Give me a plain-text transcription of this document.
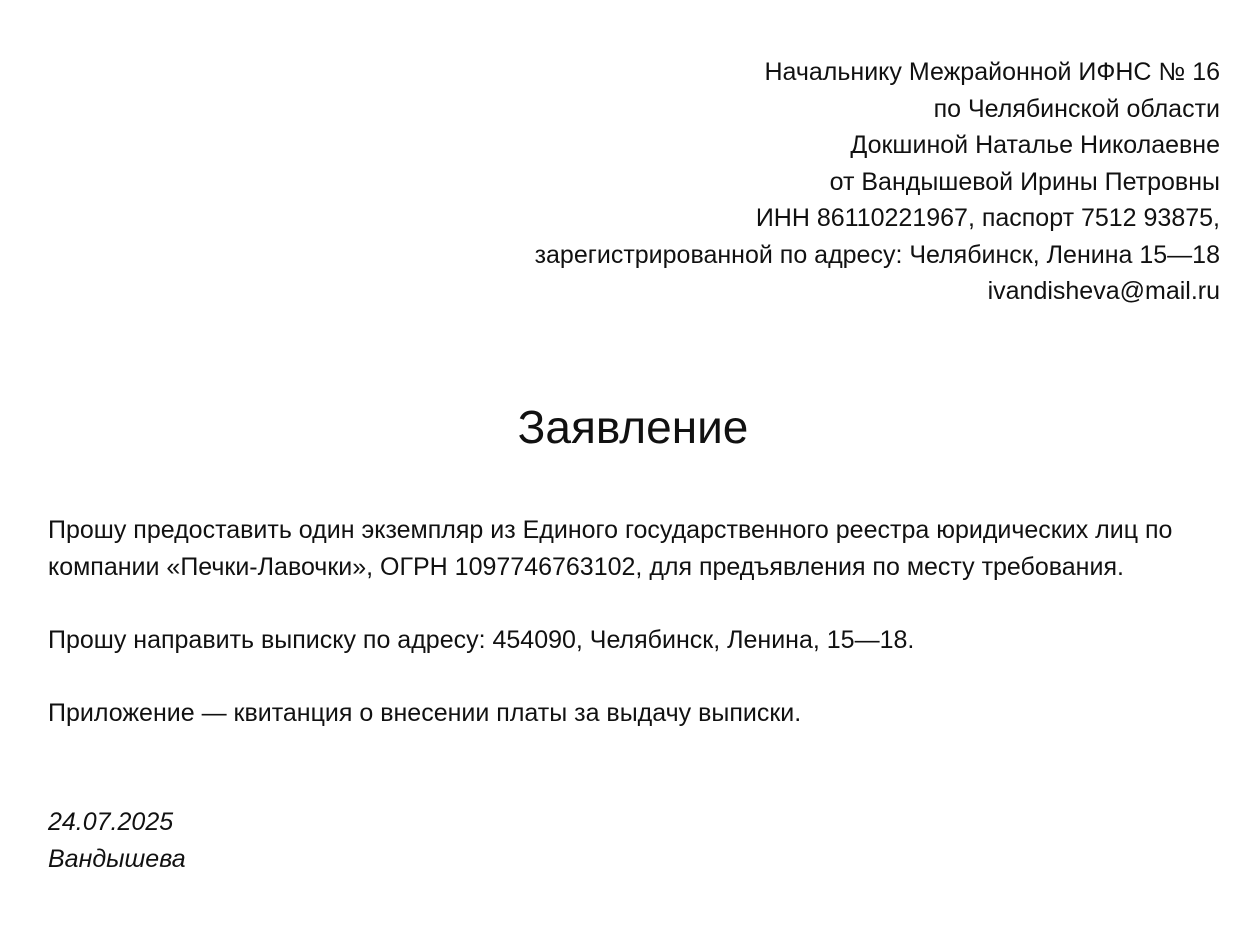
Начальнику Межрайонной ИФНС № 16
по Челябинской области
Докшиной Наталье Николаевне
от Вандышевой Ирины Петровны
ИНН 86110221967, паспорт 7512 93875,
зарегистрированной по адресу: Челябинск, Ленина 15—18
ivandisheva@mail.ru
Заявление

Прошу предоставить один экземпляр из Единого государственного реестра юридических лиц по компании «Печки-Лавочки», ОГРН 1097746763102, для предъявления по месту требования.

Прошу направить выписку по адресу: 454090, Челябинск, Ленина, 15—18.

Приложение — квитанция о внесении платы за выдачу выписки.

24.07.2025
Вандышева
